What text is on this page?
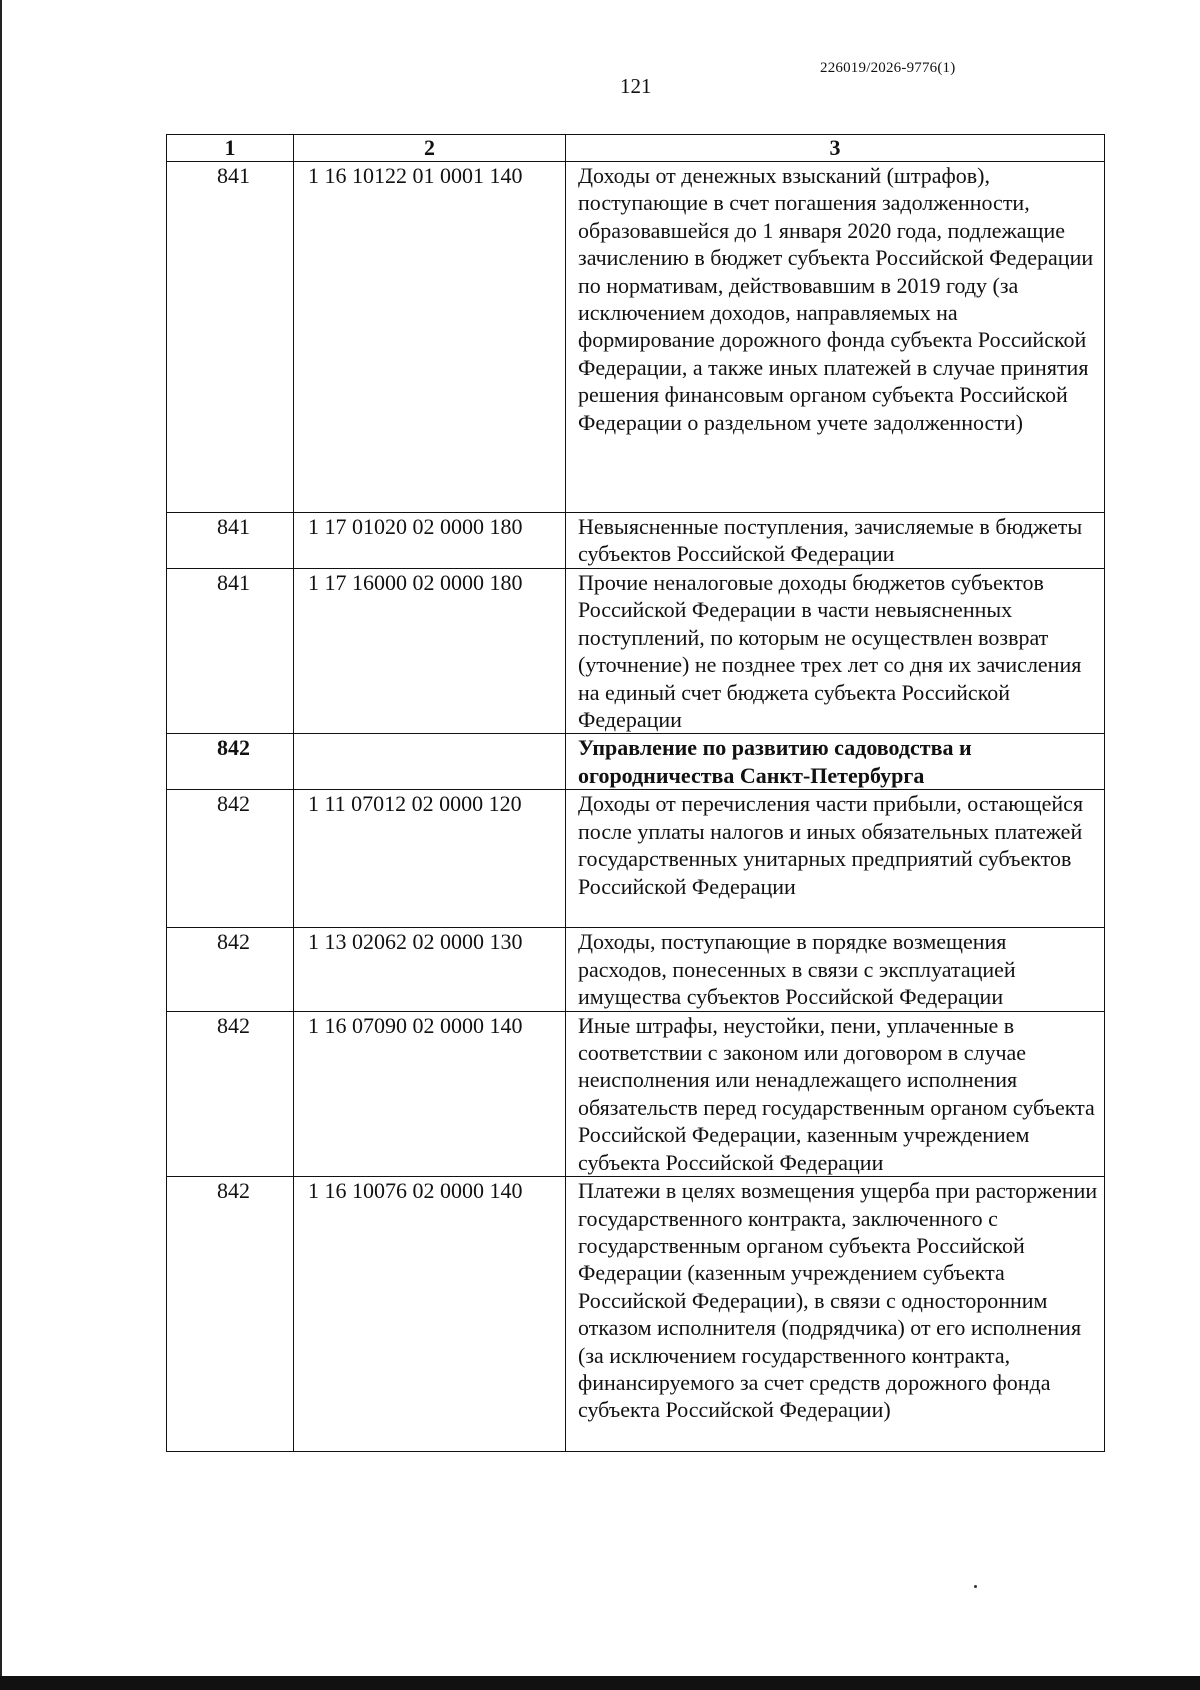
226019/2026-9776(1)
121
1	2	3
841	1 16 10122 01 0001 140	Доходы от денежных взысканий (штрафов), поступающие в счет погашения задолженности, образовавшейся до 1 января 2020 года, подлежащие зачислению в бюджет субъекта Российской Федерации по нормативам, действовавшим в 2019 году (за исключением доходов, направляемых на формирование дорожного фонда субъекта Российской Федерации, а также иных платежей в случае принятия решения финансовым органом субъекта Российской Федерации о раздельном учете задолженности)
841	1 17 01020 02 0000 180	Невыясненные поступления, зачисляемые в бюджеты субъектов Российской Федерации
841	1 17 16000 02 0000 180	Прочие неналоговые доходы бюджетов субъектов Российской Федерации в части невыясненных поступлений, по которым не осуществлен возврат (уточнение) не позднее трех лет со дня их зачисления на единый счет бюджета субъекта Российской Федерации
842		Управление по развитию садоводства и огородничества Санкт-Петербурга
842	1 11 07012 02 0000 120	Доходы от перечисления части прибыли, остающейся после уплаты налогов и иных обязательных платежей государственных унитарных предприятий субъектов Российской Федерации
842	1 13 02062 02 0000 130	Доходы, поступающие в порядке возмещения расходов, понесенных в связи с эксплуатацией имущества субъектов Российской Федерации
842	1 16 07090 02 0000 140	Иные штрафы, неустойки, пени, уплаченные в соответствии с законом или договором в случае неисполнения или ненадлежащего исполнения обязательств перед государственным органом субъекта Российской Федерации, казенным учреждением субъекта Российской Федерации
842	1 16 10076 02 0000 140	Платежи в целях возмещения ущерба при расторжении государственного контракта, заключенного с государственным органом субъекта Российской Федерации (казенным учреждением субъекта Российской Федерации), в связи с односторонним отказом исполнителя (подрядчика) от его исполнения (за исключением государственного контракта, финансируемого за счет средств дорожного фонда субъекта Российской Федерации)
